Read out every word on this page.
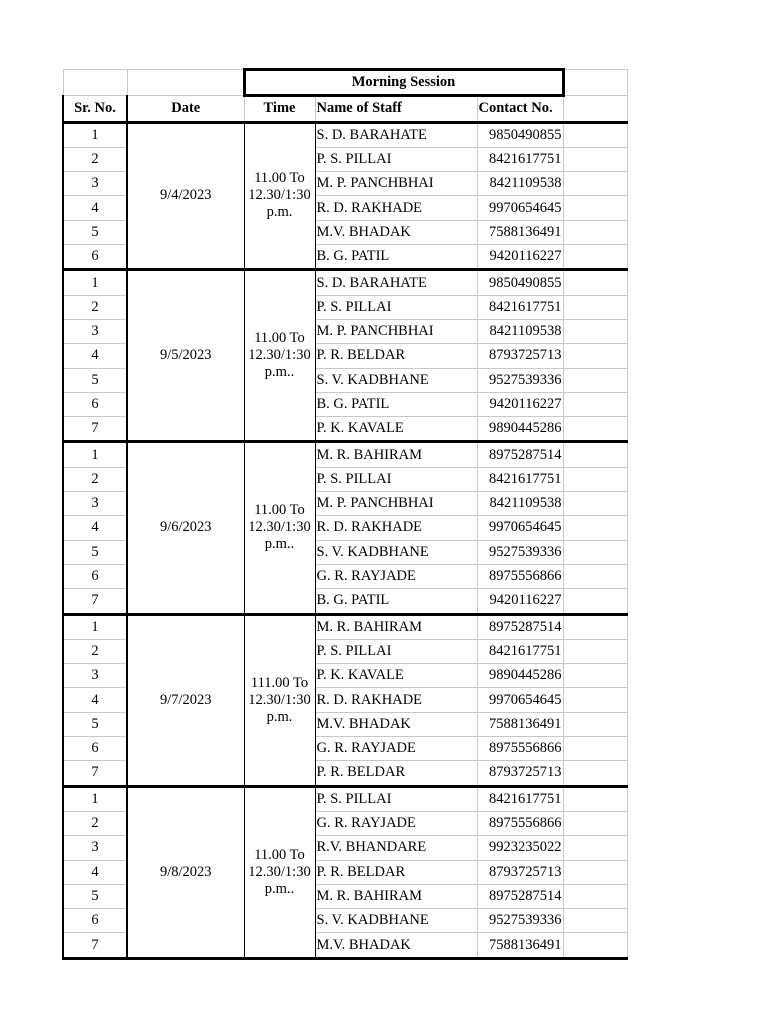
		Morning Session			
Sr. No.	Date	Time	Name of Staff	Contact No.	
1	9/4/2023	11.00 To 12.30/1:30 p.m.	S. D. BARAHATE	9850490855	
2			P. S. PILLAI	8421617751	
3			M. P. PANCHBHAI	8421109538	
4			R. D. RAKHADE	9970654645	
5			M.V. BHADAK	7588136491	
6			B. G. PATIL	9420116227	
1	9/5/2023	11.00 To 12.30/1:30 p.m..	S. D. BARAHATE	9850490855	
2			P. S. PILLAI	8421617751	
3			M. P. PANCHBHAI	8421109538	
4			P. R. BELDAR	8793725713	
5			S. V. KADBHANE	9527539336	
6			B. G. PATIL	9420116227	
7			P. K. KAVALE	9890445286	
1	9/6/2023	11.00 To 12.30/1:30 p.m..	M. R. BAHIRAM	8975287514	
2			P. S. PILLAI	8421617751	
3			M. P. PANCHBHAI	8421109538	
4			R. D. RAKHADE	9970654645	
5			S. V. KADBHANE	9527539336	
6			G. R. RAYJADE	8975556866	
7			B. G. PATIL	9420116227	
1	9/7/2023	111.00 To 12.30/1:30 p.m.	M. R. BAHIRAM	8975287514	
2			P. S. PILLAI	8421617751	
3			P. K. KAVALE	9890445286	
4			R. D. RAKHADE	9970654645	
5			M.V. BHADAK	7588136491	
6			G. R. RAYJADE	8975556866	
7			P. R. BELDAR	8793725713	
1	9/8/2023	11.00 To 12.30/1:30 p.m..	P. S. PILLAI	8421617751	
2			G. R. RAYJADE	8975556866	
3			R.V. BHANDARE	9923235022	
4			P. R. BELDAR	8793725713	
5			M. R. BAHIRAM	8975287514	
6			S. V. KADBHANE	9527539336	
7			M.V. BHADAK	7588136491	
